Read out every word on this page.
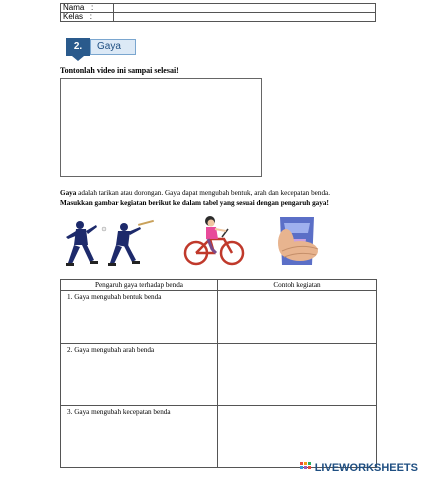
Nama :	
Kelas :	
2.	Gaya
Tontonlah video ini sampai selesai!
Gaya adalah tarikan atau dorongan. Gaya dapat mengubah bentuk, arah dan kecepatan benda.
Masukkan gambar kegiatan berikut ke dalam tabel yang sesuai dengan pengaruh gaya!
Pengaruh gaya terhadap benda	Contoh kegiatan
1. Gaya mengubah bentuk benda	
2. Gaya mengubah arah benda	
3. Gaya mengubah kecepatan benda	
LIVEWORKSHEETS
